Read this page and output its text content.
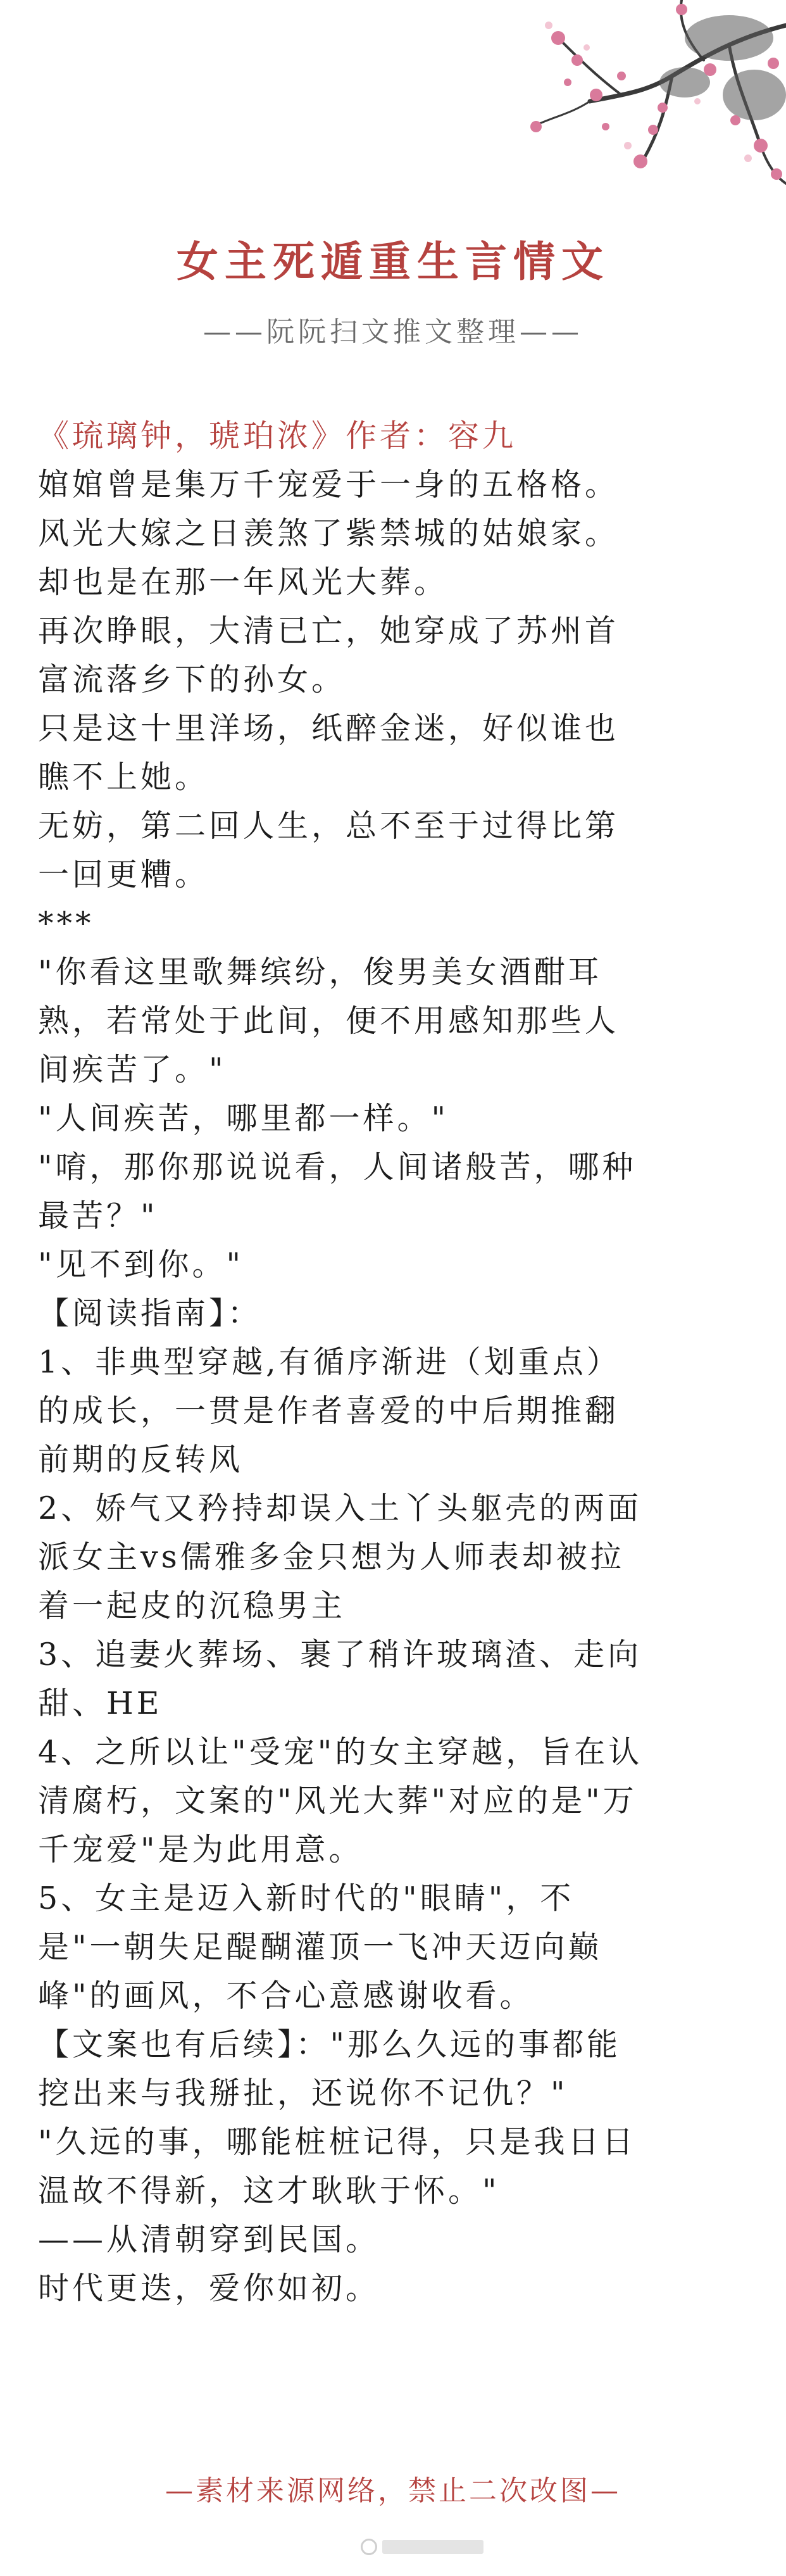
女主死遁重生言情文
——阮阮扫文推文整理——
《琉璃钟，琥珀浓》作者：容九
婠婠曾是集万千宠爱于一身的五格格。
风光大嫁之日羡煞了紫禁城的姑娘家。
却也是在那一年风光大葬。
再次睁眼，大清已亡，她穿成了苏州首
富流落乡下的孙女。
只是这十里洋场，纸醉金迷，好似谁也
瞧不上她。
无妨，第二回人生，总不至于过得比第
一回更糟。
***
"你看这里歌舞缤纷，俊男美女酒酣耳
熟，若常处于此间，便不用感知那些人
间疾苦了。"
"人间疾苦，哪里都一样。"
"唷，那你那说说看，人间诸般苦，哪种
最苦？"
"见不到你。"
【阅读指南】：
1、非典型穿越,有循序渐进（划重点）
的成长，一贯是作者喜爱的中后期推翻
前期的反转风
2、娇气又矜持却误入土丫头躯壳的两面
派女主vs儒雅多金只想为人师表却被拉
着一起皮的沉稳男主
3、追妻火葬场、裹了稍许玻璃渣、走向
甜、HE
4、之所以让"受宠"的女主穿越，旨在认
清腐朽，文案的"风光大葬"对应的是"万
千宠爱"是为此用意。
5、女主是迈入新时代的"眼睛"，不
是"一朝失足醍醐灌顶一飞冲天迈向巅
峰"的画风，不合心意感谢收看。
【文案也有后续】："那么久远的事都能
挖出来与我掰扯，还说你不记仇？"
"久远的事，哪能桩桩记得，只是我日日
温故不得新，这才耿耿于怀。"
——从清朝穿到民国。
时代更迭，爱你如初。
—素材来源网络，禁止二次改图—
